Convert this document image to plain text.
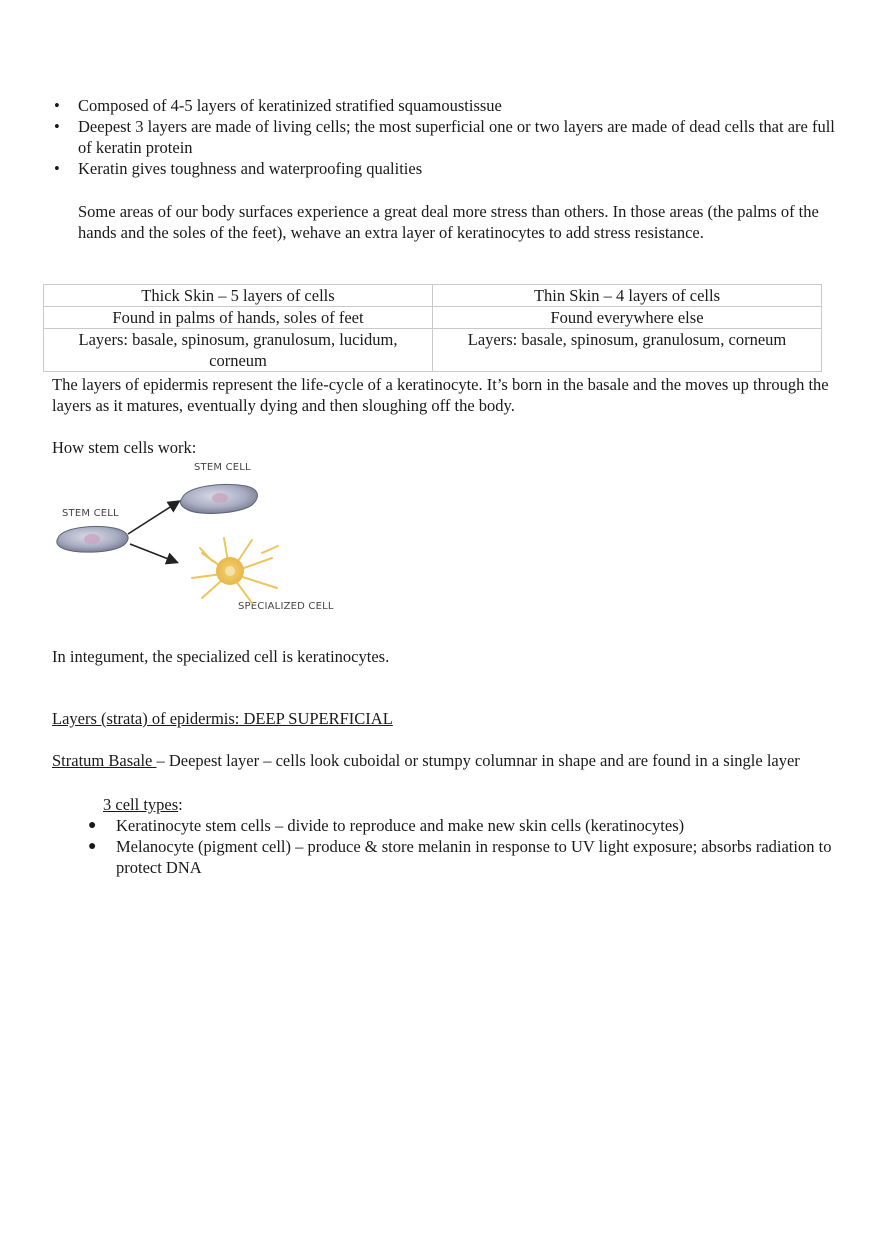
• Composed of 4-5 layers of keratinized stratified squamoustissue
• Deepest 3 layers are made of living cells; the most superficial one or two layers are made of dead cells that are full of keratin protein
• Keratin gives toughness and waterproofing qualities
Some areas of our body surfaces experience a great deal more stress than others. In those areas (the palms of the hands and the soles of the feet), wehave an extra layer of keratinocytes to add stress resistance.
Thick Skin – 5 layers of cells	Thin Skin – 4 layers of cells
Found in palms of hands, soles of feet	Found everywhere else
Layers: basale, spinosum, granulosum, lucidum, corneum	Layers: basale, spinosum, granulosum, corneum
The layers of epidermis represent the life-cycle of a keratinocyte. It’s born in the basale and the moves up through the layers as it matures, eventually dying and then sloughing off the body.
How stem cells work:
STEM CELL
STEM CELL
SPECIALIZED CELL
In integument, the specialized cell is keratinocytes.
Layers (strata) of epidermis: DEEP SUPERFICIAL
Stratum Basale – Deepest layer – cells look cuboidal or stumpy columnar in shape and are found in a single layer
3 cell types:
● Keratinocyte stem cells – divide to reproduce and make new skin cells (keratinocytes)
● Melanocyte (pigment cell) – produce & store melanin in response to UV light exposure; absorbs radiation to protect DNA
